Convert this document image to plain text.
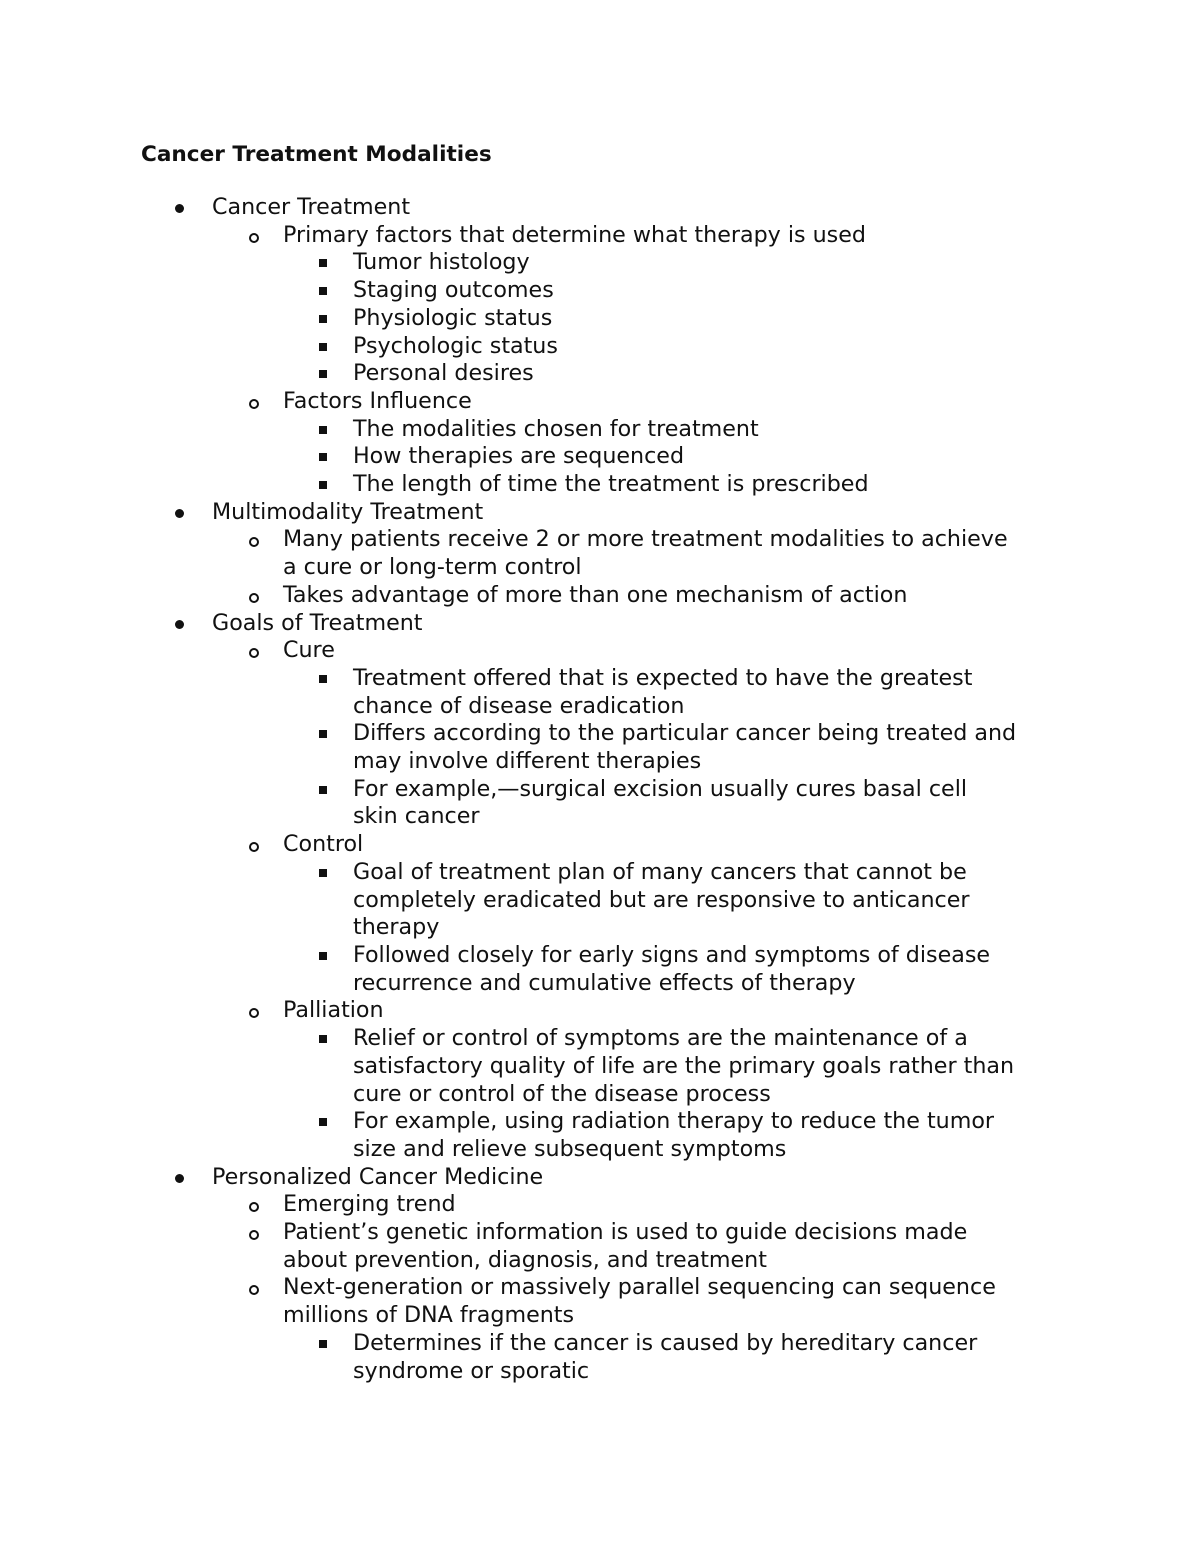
Cancer Treatment Modalities
Cancer Treatment
Primary factors that determine what therapy is used
Tumor histology
Staging outcomes
Physiologic status
Psychologic status
Personal desires
Factors Influence
The modalities chosen for treatment
How therapies are sequenced
The length of time the treatment is prescribed
Multimodality Treatment
Many patients receive 2 or more treatment modalities to achieve
a cure or long-term control
Takes advantage of more than one mechanism of action
Goals of Treatment
Cure
Treatment offered that is expected to have the greatest
chance of disease eradication
Differs according to the particular cancer being treated and
may involve different therapies
For example,—surgical excision usually cures basal cell
skin cancer
Control
Goal of treatment plan of many cancers that cannot be
completely eradicated but are responsive to anticancer
therapy
Followed closely for early signs and symptoms of disease
recurrence and cumulative effects of therapy
Palliation
Relief or control of symptoms are the maintenance of a
satisfactory quality of life are the primary goals rather than
cure or control of the disease process
For example, using radiation therapy to reduce the tumor
size and relieve subsequent symptoms
Personalized Cancer Medicine
Emerging trend
Patient’s genetic information is used to guide decisions made
about prevention, diagnosis, and treatment
Next-generation or massively parallel sequencing can sequence
millions of DNA fragments
Determines if the cancer is caused by hereditary cancer
syndrome or sporatic
